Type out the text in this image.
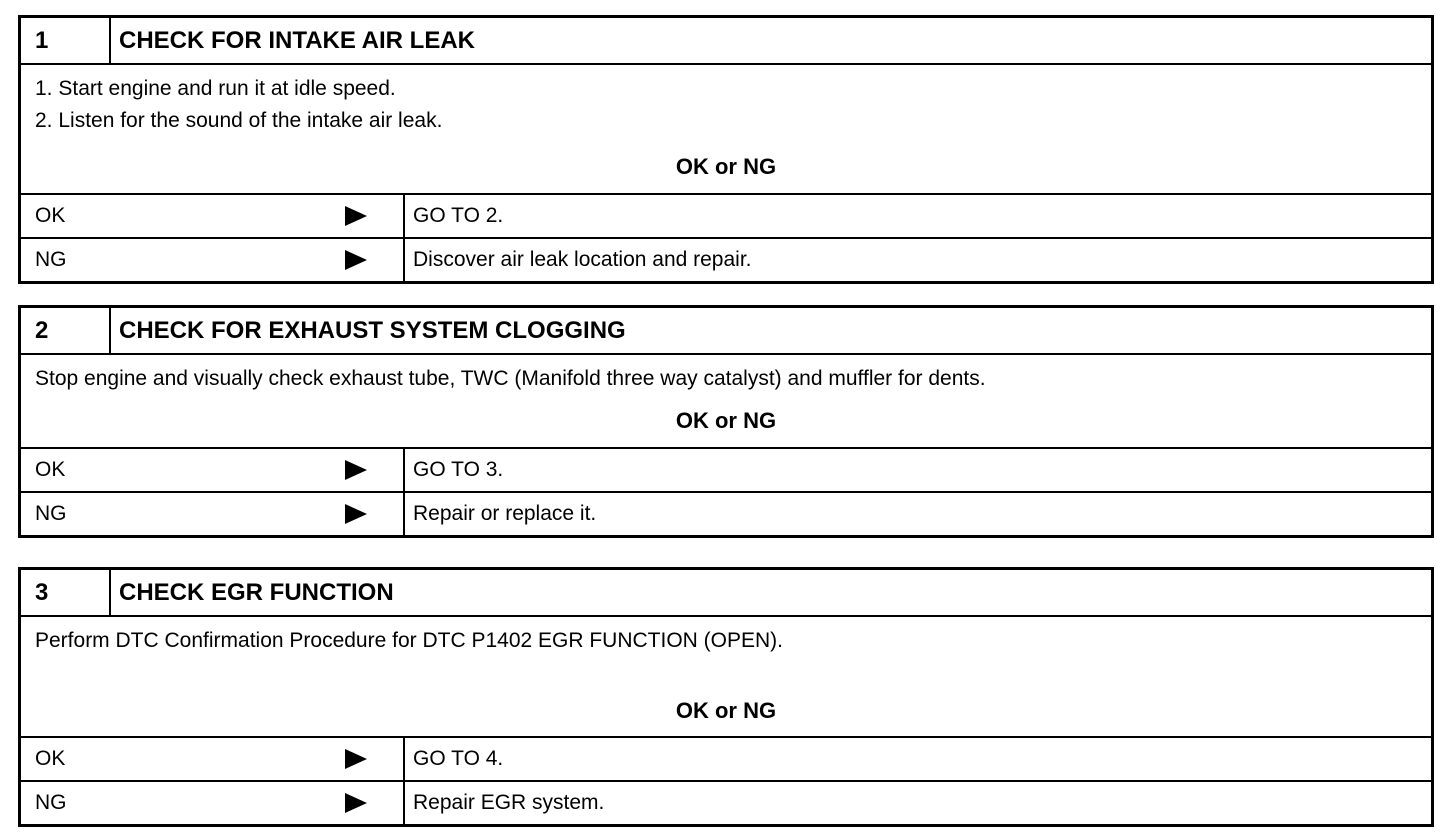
1	CHECK FOR INTAKE AIR LEAK

1. Start engine and run it at idle speed.

2. Listen for the sound of the intake air leak.

OK or NG
OK	GO TO 2.
NG	Discover air leak location and repair.
2	CHECK FOR EXHAUST SYSTEM CLOGGING

Stop engine and visually check exhaust tube, TWC (Manifold three way catalyst) and muffler for dents.

OK or NG
OK	GO TO 3.
NG	Repair or replace it.
3	CHECK EGR FUNCTION

Perform DTC Confirmation Procedure for DTC P1402 EGR FUNCTION (OPEN).

OK or NG
OK	GO TO 4.
NG	Repair EGR system.
